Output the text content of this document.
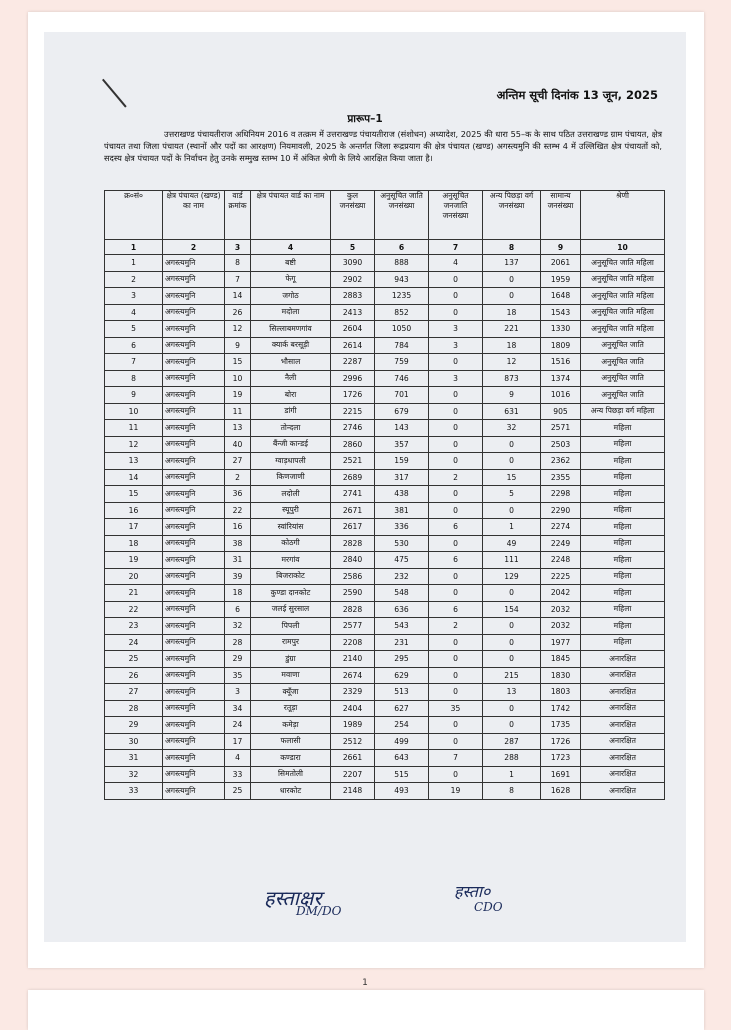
अन्तिम सूची दिनांक 13 जून, 2025
प्रारूप–1
उत्तराखण्ड पंचायतीराज अधिनियम 2016 व तत्क्रम में उत्तराखण्ड पंचायतीराज (संशोधन) अध्यादेश, 2025 की धारा 55–क के साथ पठित उत्तराखण्ड ग्राम पंचायत, क्षेत्र पंचायत तथा जिला पंचायत (स्थानों और पदों का आरक्षण) नियमावली, 2025 के अन्तर्गत जिला रूद्रप्रयाग की क्षेत्र पंचायत (खण्ड) अगस्त्यमुनि की स्तम्भ 4 में उल्लिखित क्षेत्र पंचायतों को, सदस्य क्षेत्र पंचायत पदों के निर्वाचन हेतु उनके सम्मुख स्तम्भ 10 में अंकित श्रेणी के लिये आरक्षित किया जाता है।
क्र०सं०	क्षेत्र पंचायत (खण्ड) का नाम	वार्ड क्रमांक	क्षेत्र पंचायत वार्ड का नाम	कुल जनसंख्या	अनुसूचित जाति जनसंख्या	अनुसूचित जनजाति जनसंख्या	अन्य पिछड़ा वर्ग जनसंख्या	सामान्य जनसंख्या	श्रेणी
1	2	3	4	5	6	7	8	9	10
1	अगस्त्यमुनि	8	बष्टी	3090	888	4	137	2061	अनुसूचित जाति महिला
2	अगस्त्यमुनि	7	फेगू	2902	943	0	0	1959	अनुसूचित जाति महिला
3	अगस्त्यमुनि	14	जगोठ	2883	1235	0	0	1648	अनुसूचित जाति महिला
4	अगस्त्यमुनि	26	मदोला	2413	852	0	18	1543	अनुसूचित जाति महिला
5	अगस्त्यमुनि	12	सिल्लाबमणगांव	2604	1050	3	221	1330	अनुसूचित जाति महिला
6	अगस्त्यमुनि	9	क्यार्क बरसूड़ी	2614	784	3	18	1809	अनुसूचित जाति
7	अगस्त्यमुनि	15	भौसाल	2287	759	0	12	1516	अनुसूचित जाति
8	अगस्त्यमुनि	10	नैली	2996	746	3	873	1374	अनुसूचित जाति
9	अगस्त्यमुनि	19	बोरा	1726	701	0	9	1016	अनुसूचित जाति
10	अगस्त्यमुनि	11	डांगी	2215	679	0	631	905	अन्य पिछड़ा वर्ग महिला
11	अगस्त्यमुनि	13	तोन्दला	2746	143	0	32	2571	महिला
12	अगस्त्यमुनि	40	बैंन्जी कान्डई	2860	357	0	0	2503	महिला
13	अगस्त्यमुनि	27	ग्वाड़धापली	2521	159	0	0	2362	महिला
14	अगस्त्यमुनि	2	किणजाणी	2689	317	2	15	2355	महिला
15	अगस्त्यमुनि	36	लदोली	2741	438	0	5	2298	महिला
16	अगस्त्यमुनि	22	स्यूपुरी	2671	381	0	0	2290	महिला
17	अगस्त्यमुनि	16	स्वांरियांस	2617	336	6	1	2274	महिला
18	अगस्त्यमुनि	38	कोठगी	2828	530	0	49	2249	महिला
19	अगस्त्यमुनि	31	मरगांव	2840	475	6	111	2248	महिला
20	अगस्त्यमुनि	39	बिजराकोट	2586	232	0	129	2225	महिला
21	अगस्त्यमुनि	18	कुण्डा दानकोट	2590	548	0	0	2042	महिला
22	अगस्त्यमुनि	6	जलई सुरसाल	2828	636	6	154	2032	महिला
23	अगस्त्यमुनि	32	पिपली	2577	543	2	0	2032	महिला
24	अगस्त्यमुनि	28	रामपुर	2208	231	0	0	1977	महिला
25	अगस्त्यमुनि	29	डुंग्रा	2140	295	0	0	1845	अनारक्षित
26	अगस्त्यमुनि	35	मवाणा	2674	629	0	215	1830	अनारक्षित
27	अगस्त्यमुनि	3	क्यूँजा	2329	513	0	13	1803	अनारक्षित
28	अगस्त्यमुनि	34	रतूड़ा	2404	627	35	0	1742	अनारक्षित
29	अगस्त्यमुनि	24	कमेड़ा	1989	254	0	0	1735	अनारक्षित
30	अगस्त्यमुनि	17	फलासी	2512	499	0	287	1726	अनारक्षित
31	अगस्त्यमुनि	4	कण्डारा	2661	643	7	288	1723	अनारक्षित
32	अगस्त्यमुनि	33	सिमतोली	2207	515	0	1	1691	अनारक्षित
33	अगस्त्यमुनि	25	धारकोट	2148	493	19	8	1628	अनारक्षित
हस्ताक्षर
DM/DO
हस्ता०
CDO
1
